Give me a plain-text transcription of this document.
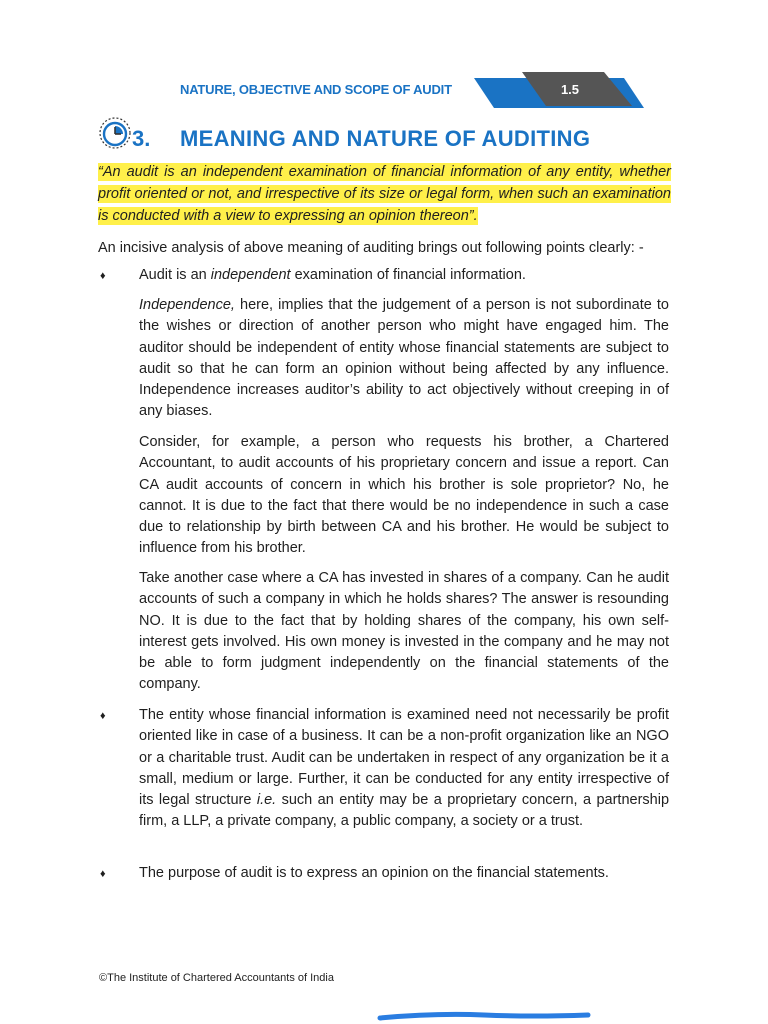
NATURE, OBJECTIVE AND SCOPE OF AUDIT	1.5
3. MEANING AND NATURE OF AUDITING
“An audit is an independent examination of financial information of any entity, whether profit oriented or not, and irrespective of its size or legal form, when such an examination is conducted with a view to expressing an opinion thereon”.
An incisive analysis of above meaning of auditing brings out following points clearly: -
♦ Audit is an independent examination of financial information.
Independence, here, implies that the judgement of a person is not subordinate to the wishes or direction of another person who might have engaged him. The auditor should be independent of entity whose financial statements are subject to audit so that he can form an opinion without being affected by any influence. Independence increases auditor’s ability to act objectively without creeping in of any biases.
Consider, for example, a person who requests his brother, a Chartered Accountant, to audit accounts of his proprietary concern and issue a report. Can CA audit accounts of concern in which his brother is sole proprietor? No, he cannot. It is due to the fact that there would be no independence in such a case due to relationship by birth between CA and his brother. He would be subject to influence from his brother.
Take another case where a CA has invested in shares of a company. Can he audit accounts of such a company in which he holds shares? The answer is resounding NO. It is due to the fact that by holding shares of the company, his own self-interest gets involved. His own money is invested in the company and he may not be able to form judgment independently on the financial statements of the company.
♦ The entity whose financial information is examined need not necessarily be profit oriented like in case of a business. It can be a non-profit organization like an NGO or a charitable trust. Audit can be undertaken in respect of any organization be it a small, medium or large. Further, it can be conducted for any entity irrespective of its legal structure i.e. such an entity may be a proprietary concern, a partnership firm, a LLP, a private company, a public company, a society or a trust.
♦ The purpose of audit is to express an opinion on the financial statements.
©The Institute of Chartered Accountants of India
